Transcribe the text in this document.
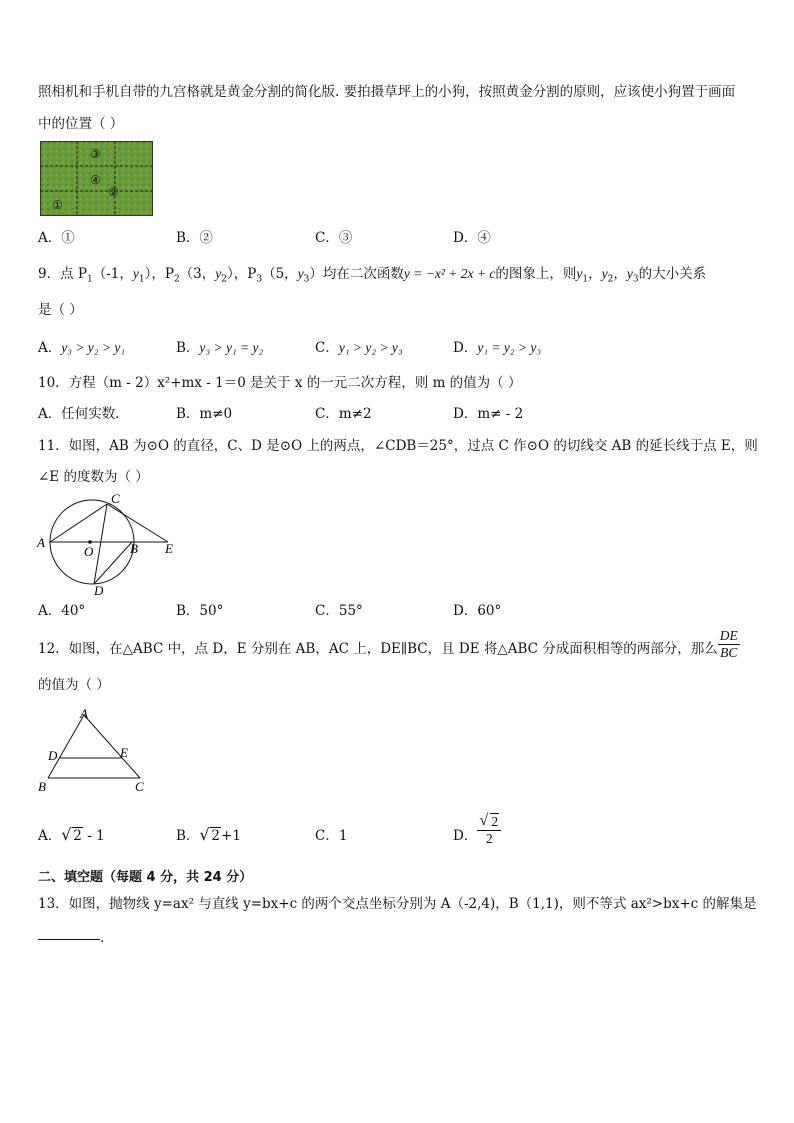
照相机和手机自带的九宫格就是黄金分割的简化版. 要拍摄草坪上的小狗，按照黄金分割的原则，应该使小狗置于画面
中的位置（ ）
③
④
②
①
A．①	B．②	C．③	D．④
9．点 $P_1(-1$，$y_1$），$P_2(3$，$y_2$），$P_3(5$，$y_3$）均在二次函数y = −x² + 2x + c的图象上，则$y_1$，$y_2$，$y_3$的大小关系
是（ ）
A．y₃ > y₂ > y₁	B．y₃ > y₁ = y₂	C．y₁ > y₂ > y₃	D．y₁ = y₂ > y₃
10．方程（m - 2）x²+mx - 1＝0 是关于 x 的一元二次方程，则 m 的值为（ ）
A．任何实数．	B．m≠0	C．m≠2	D．m≠ - 2
11．如图，AB 为⊙O 的直径，C、D 是⊙O 上的两点，∠CDB＝25°，过点 C 作⊙O 的切线交 AB 的延长线于点 E，则
∠E 的度数为（ ）
C
A
O	B E
D
A．40°	B．50°	C．55°	D．60°
12．如图，在△ABC 中，点 D，E 分别在 AB，AC 上，DE∥BC，且 DE 将△ABC 分成面积相等的两部分，那么 $\frac{DE}{BC}$
的值为（ ）
A
D	E
B	C
A． √ 2 - 1	B． √ 2+1	C．1	D． √ $\frac{2}{2}$
二、填空题（每题 4 分，共 24 分）
13．如图，抛物线 y=ax² 与直线 y=bx+c 的两个交点坐标分别为 A（-2,4)，B（1,1)，则不等式 ax²>bx+c 的解集是
.
